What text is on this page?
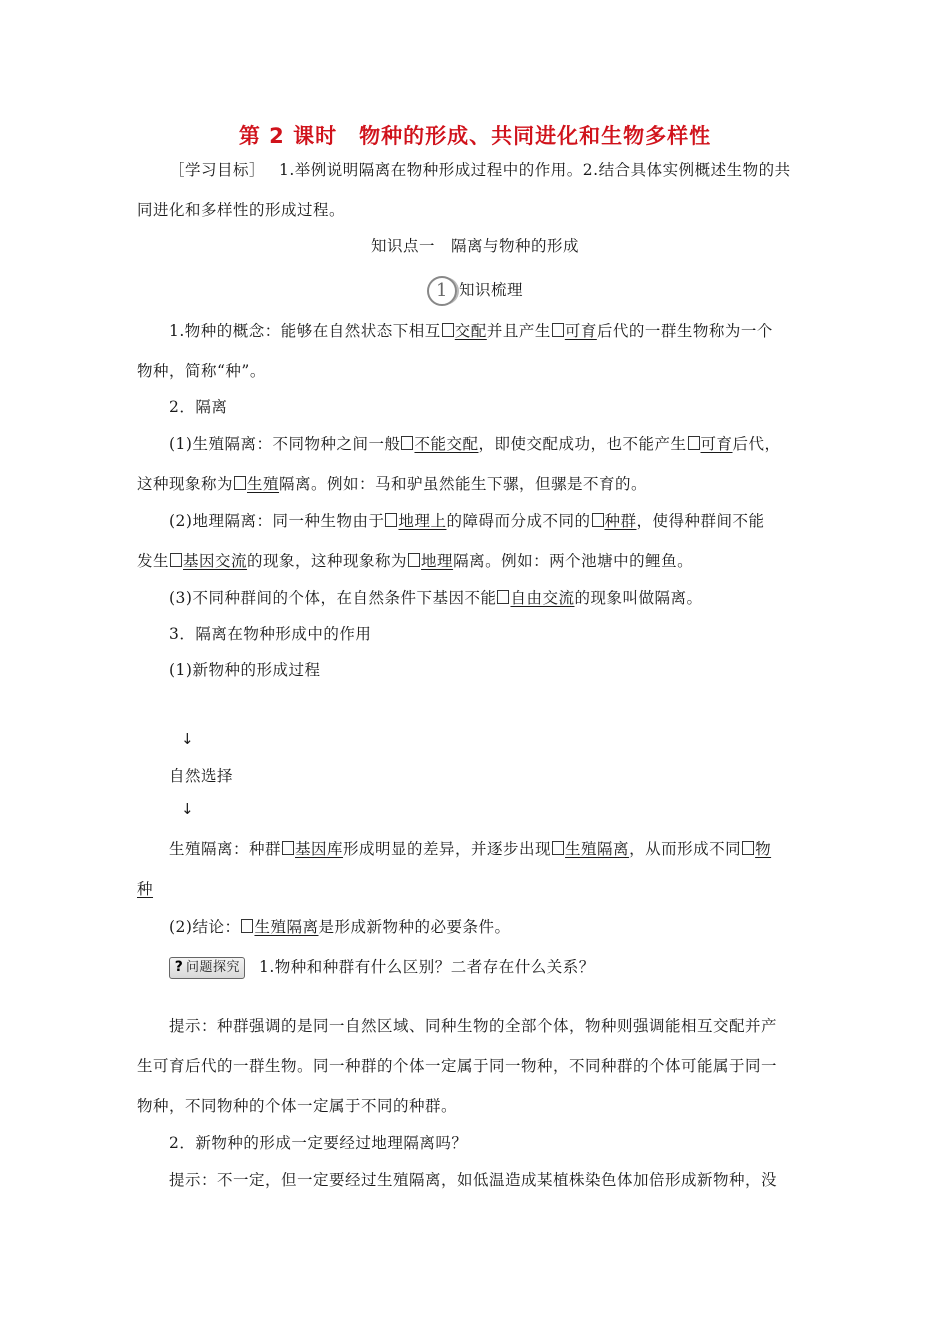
第 2 课时　物种的形成、共同进化和生物多样性
［学习目标］ 1.举例说明隔离在物种形成过程中的作用。2.结合具体实例概述生物的共
同进化和多样性的形成过程。
知识点一　隔离与物种的形成
1 知识梳理
1.物种的概念：能够在自然状态下相互 交配并且产生 可育后代的一群生物称为一个
物种，简称“种”。
2．隔离
(1)生殖隔离：不同物种之间一般 不能交配，即使交配成功，也不能产生 可育后代，
这种现象称为 生殖隔离。例如：马和驴虽然能生下骡，但骡是不育的。
(2)地理隔离：同一种生物由于 地理上的障碍而分成不同的 种群，使得种群间不能
发生 基因交流的现象，这种现象称为 地理隔离。例如：两个池塘中的鲤鱼。
(3)不同种群间的个体，在自然条件下基因不能 自由交流的现象叫做隔离。
3．隔离在物种形成中的作用
(1)新物种的形成过程
↓
自然选择
↓
生殖隔离：种群 基因库形成明显的差异，并逐步出现 生殖隔离，从而形成不同 物
种
(2)结论： 生殖隔离是形成新物种的必要条件。
? 问题探究 1.物种和种群有什么区别？二者存在什么关系？
提示：种群强调的是同一自然区域、同种生物的全部个体，物种则强调能相互交配并产
生可育后代的一群生物。同一种群的个体一定属于同一物种，不同种群的个体可能属于同一
物种，不同物种的个体一定属于不同的种群。
2．新物种的形成一定要经过地理隔离吗？
提示：不一定，但一定要经过生殖隔离，如低温造成某植株染色体加倍形成新物种，没
